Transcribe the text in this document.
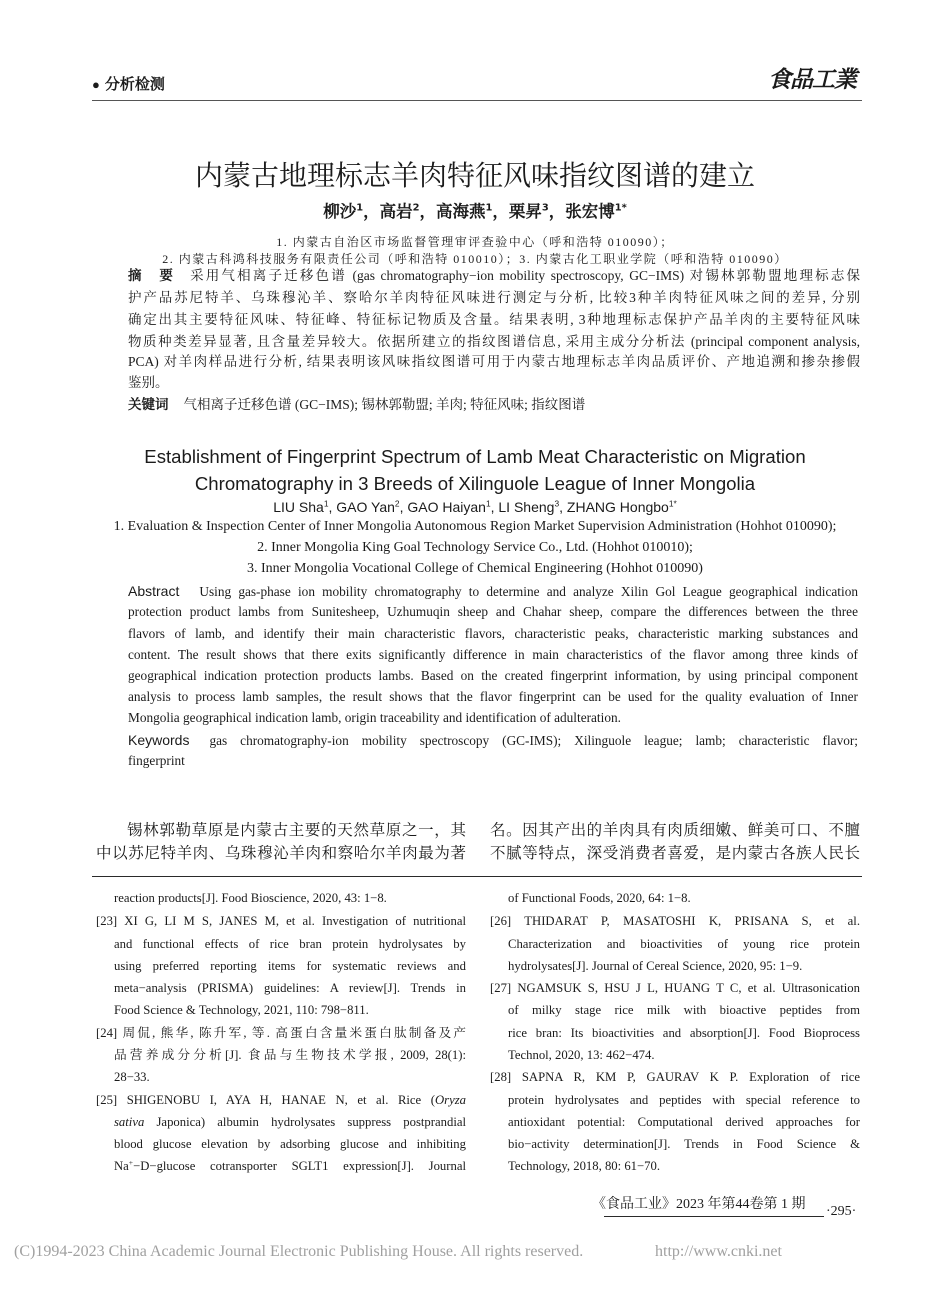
● 分析检测	食品工業
内蒙古地理标志羊肉特征风味指纹图谱的建立
柳沙$^1$，高岩$^2$，高海燕$^1$，栗昇$^3$，张宏博$^{1*}$
1. 内蒙古自治区市场监督管理审评查验中心（呼和浩特 010090）；
2. 内蒙古科鸿科技服务有限责任公司（呼和浩特 010010）；3. 内蒙古化工职业学院（呼和浩特 010090）
摘　要 采用气相离子迁移色谱 (gas chromatography−ion mobility spectroscopy, GC−IMS) 对锡林郭勒盟地理标志保
护产品苏尼特羊、乌珠穆沁羊、察哈尔羊肉特征风味进行测定与分析, 比较3种羊肉特征风味之间的差异, 分别
确定出其主要特征风味、特征峰、特征标记物质及含量。结果表明, 3种地理标志保护产品羊肉的主要特征风味
物质种类差异显著, 且含量差异较大。依据所建立的指纹图谱信息, 采用主成分分析法 (principal component analysis,
PCA) 对羊肉样品进行分析, 结果表明该风味指纹图谱可用于内蒙古地理标志羊肉品质评价、产地追溯和掺杂掺假
鉴别。
关键词 气相离子迁移色谱 (GC−IMS); 锡林郭勒盟; 羊肉; 特征风味; 指纹图谱
Establishment of Fingerprint Spectrum of Lamb Meat Characteristic on Migration
Chromatography in 3 Breeds of Xilinguole League of Inner Mongolia
LIU Sha$^1$, GAO Yan$^2$, GAO Haiyan$^1$, LI Sheng$^3$, ZHANG Hongbo$^{1*}$
1. Evaluation & Inspection Center of Inner Mongolia Autonomous Region Market Supervision Administration (Hohhot 010090);
2. Inner Mongolia King Goal Technology Service Co., Ltd. (Hohhot 010010);
3. Inner Mongolia Vocational College of Chemical Engineering (Hohhot 010090)
Abstract Using gas-phase ion mobility chromatography to determine and analyze Xilin Gol League geographical indication
protection product lambs from Sunitesheep, Uzhumuqin sheep and Chahar sheep, compare the differences between the three
flavors of lamb, and identify their main characteristic flavors, characteristic peaks, characteristic marking substances and
content. The result shows that there exits significantly difference in main characteristics of the flavor among three kinds of
geographical indication protection products lambs. Based on the created fingerprint information, by using principal component
analysis to process lamb samples, the result shows that the flavor fingerprint can be used for the quality evaluation of Inner
Mongolia geographical indication lamb, origin traceability and identification of adulteration.
Keywords gas chromatography-ion mobility spectroscopy (GC-IMS); Xilinguole league; lamb; characteristic flavor;
fingerprint
锡林郭勒草原是内蒙古主要的天然草原之一，其
中以苏尼特羊肉、乌珠穆沁羊肉和察哈尔羊肉最为著
名。因其产出的羊肉具有肉质细嫩、鲜美可口、不膻
不腻等特点，深受消费者喜爱，是内蒙古各族人民长
reaction products[J]. Food Bioscience, 2020, 43: 1−8.
[23] XI G, LI M S, JANES M, et al. Investigation of nutritional
and functional effects of rice bran protein hydrolysates by
using preferred reporting items for systematic reviews and
meta−analysis (PRISMA) guidelines: A review[J]. Trends in
Food Science & Technology, 2021, 110: 798−811.
[24] 周侃, 熊华, 陈升军, 等. 高蛋白含量米蛋白肽制备及产
品营养成分分析[J]. 食品与生物技术学报, 2009, 28(1):
28−33.
[25] SHIGENOBU I, AYA H, HANAE N, et al. Rice (Oryza
sativa Japonica) albumin hydrolysates suppress postprandial
blood glucose elevation by adsorbing glucose and inhibiting
Na+−D−glucose cotransporter SGLT1 expression[J]. Journal
of Functional Foods, 2020, 64: 1−8.
[26] THIDARAT P, MASATOSHI K, PRISANA S, et al.
Characterization and bioactivities of young rice protein
hydrolysates[J]. Journal of Cereal Science, 2020, 95: 1−9.
[27] NGAMSUK S, HSU J L, HUANG T C, et al. Ultrasonication
of milky stage rice milk with bioactive peptides from
rice bran: Its bioactivities and absorption[J]. Food Bioprocess
Technol, 2020, 13: 462−474.
[28] SAPNA R, KM P, GAURAV K P. Exploration of rice
protein hydrolysates and peptides with special reference to
antioxidant potential: Computational derived approaches for
bio−activity determination[J]. Trends in Food Science &
Technology, 2018, 80: 61−70.
《食品工业》2023 年第44卷第 1 期 ·295·
(C)1994-2023 China Academic Journal Electronic Publishing House. All rights reserved.	http://www.cnki.net
